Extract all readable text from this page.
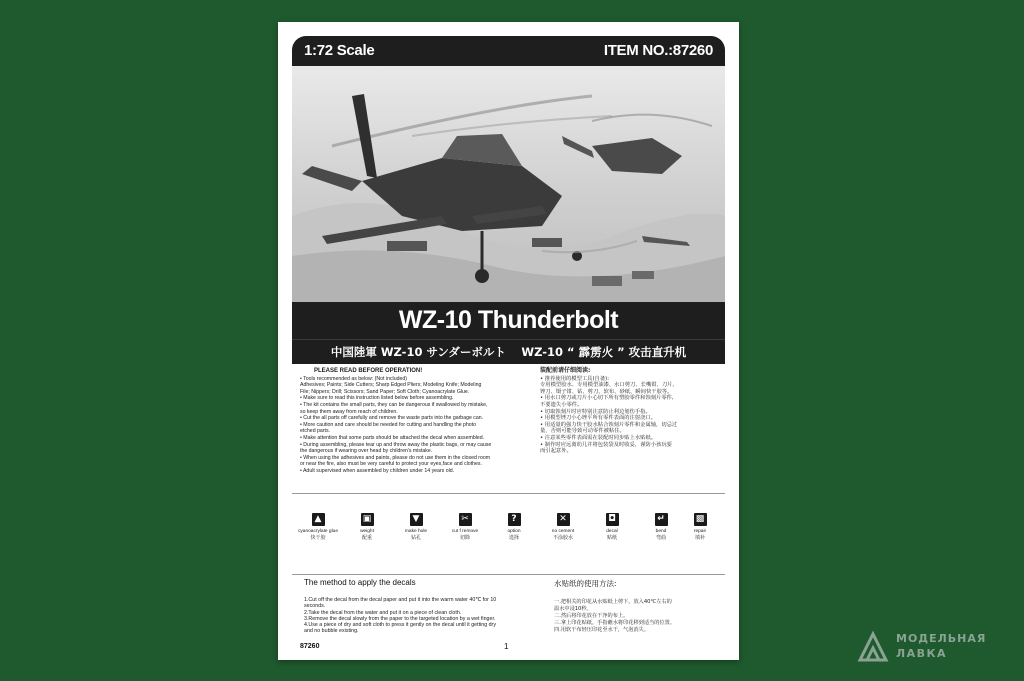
1:72 Scale	ITEM NO.:87260
WZ-10 Thunderbolt
中国陸軍 WZ-10 サンダーボルト　 WZ-10 “ 霹雳火 ” 攻击直升机
PLEASE READ BEFORE OPERATION!
• Tools recommended as below: (Not included)
Adhesives; Paints; Side Cutters; Sharp Edged Pliers; Modeling Knife; Modeling
File; Nippers; Drill; Scissors; Sand Paper; Soft Cloth; Cyanoacrylate Glue.
• Make sure to read this instruction listed below before assembling.
• The kit contains the small parts, they can be dangerous if swallowed by mistake,
so keep them away from reach of children.
• Cut the all parts off carefully and remove the waste parts into the garbage can.
• More caution and care should be needed for cutting and handling the photo
etched parts.
• Make attention that some parts should be attached the decal when assembled.
• During assembling, please tear up and throw away the plastic bags, or may cause
the dangerous if wearing over head by children's mistake.
• When using the adhesives and paints, please do not use them in the closed room
or near the fire, also must be very careful to protect your eyes,face and clothes.
• Adult supervised when assembled by children under 14 years old.
装配前请仔细阅读:
• 推荐使用的模型工具(自备):
专用模型胶水、专用模型油漆、水口剪刀、长嘴钳、刀片、
锉刀、镊子钳、钻、剪刀、软布、砂纸、瞬间快干胶等。
• 用水口剪刀或刀片小心切下所有塑胶零件和蚀刻片零件,
不要遗失小零件。
• 切取蚀刻片时应特别注意防止利边划伤手指。
• 用模型锉刀小心锉平所有零件表面的注射浇口。
• 用适量的强力快干胶水粘合蚀刻片零件和金属轴，切忌过
量，否则可能导致可动零件被粘住。
• 注意某些零件表面需在装配时同步贴上水贴纸。
• 制作时应远离幼儿并将包装袋及时收妥，谨防小孩玩耍
而引起意外。
▲
cyanoacrylate glue
快干胶
▣
weight
配重
▼
make hole
钻孔
✂
cut f remove
切除
?
option
选择
✕
no cement
不涂胶水
◘
decal
贴纸
↵
bend
弯曲
▩
repair
填补
The method to apply the decals
1.Cut off the decal from the decal paper and put it into the warm water 40℃ for 10
seconds.
2.Take the decal from the water and put it on a piece of clean cloth.
3.Remove the decal slowly from the paper to the targeted location by a wet finger.
4.Use a piece of dry and soft cloth to press it gently on the decal until it getting dry
and no bubble existing.
水贴纸的使用方法:
一.把相关的印花从水贴纸上剪下，放入40℃左右的
温水中浸10秒。
二.然后将印花放在干净的布上。
三.拿上印花贴纸，手指蘸水将印花移到适当的位置。
四.用软干布轻压印花至水干，气泡消失。
87260	1
МОДЕЛЬНАЯ
ЛАВКА
